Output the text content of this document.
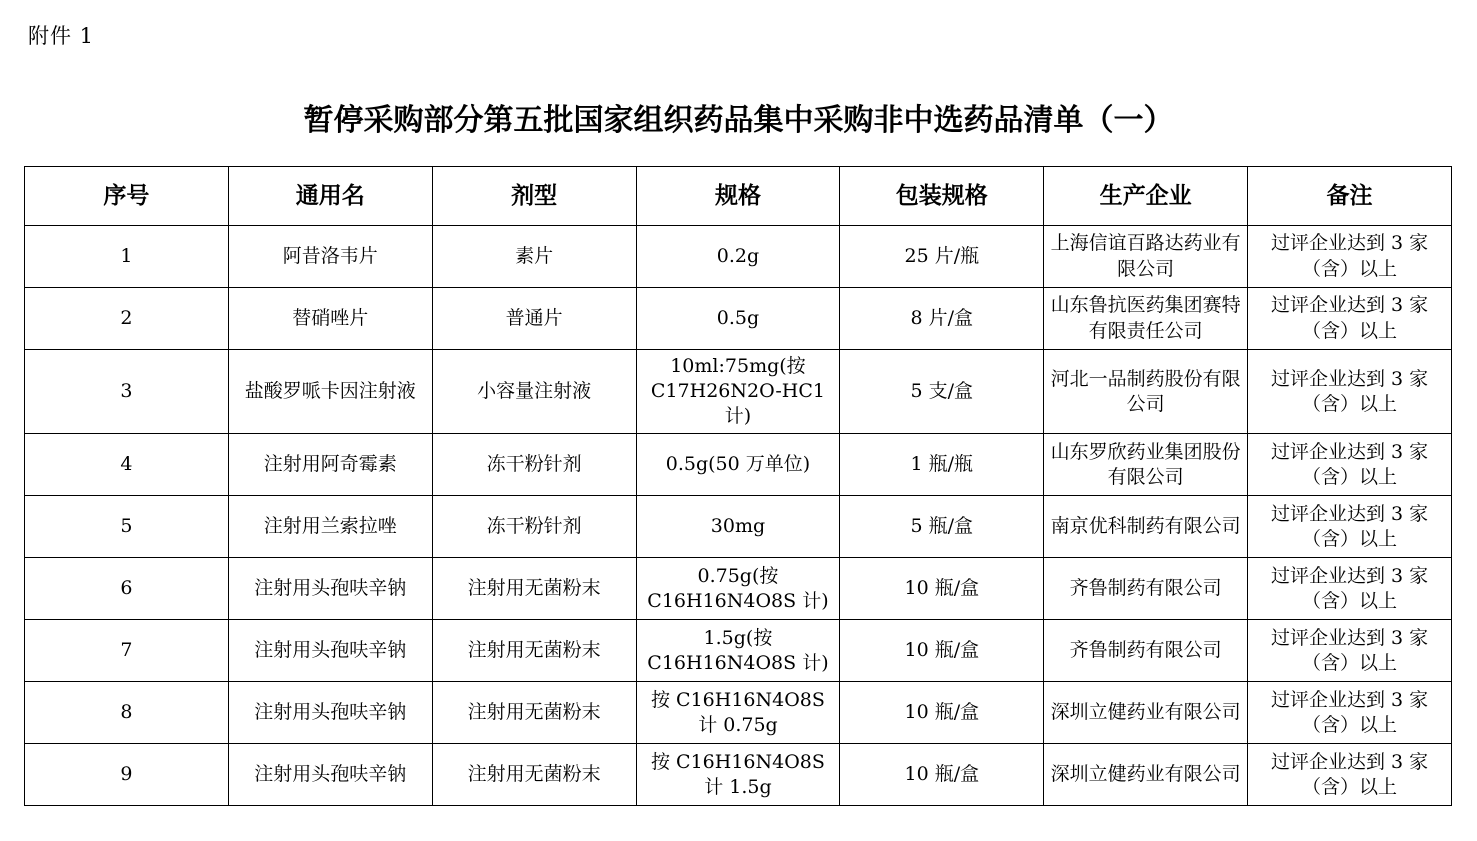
附件 1
暂停采购部分第五批国家组织药品集中采购非中选药品清单（一）
序号	通用名	剂型	规格	包装规格	生产企业	备注
1	阿昔洛韦片	素片	0.2g	25 片/瓶	上海信谊百路达药业有限公司	过评企业达到 3 家（含）以上
2	替硝唑片	普通片	0.5g	8 片/盒	山东鲁抗医药集团赛特有限责任公司	过评企业达到 3 家（含）以上
3	盐酸罗哌卡因注射液	小容量注射液	10ml:75mg(按 C17H26N2O-HC1 计)	5 支/盒	河北一品制药股份有限公司	过评企业达到 3 家（含）以上
4	注射用阿奇霉素	冻干粉针剂	0.5g(50 万单位)	1 瓶/瓶	山东罗欣药业集团股份有限公司	过评企业达到 3 家（含）以上
5	注射用兰索拉唑	冻干粉针剂	30mg	5 瓶/盒	南京优科制药有限公司	过评企业达到 3 家（含）以上
6	注射用头孢呋辛钠	注射用无菌粉末	0.75g(按 C16H16N4O8S 计)	10 瓶/盒	齐鲁制药有限公司	过评企业达到 3 家（含）以上
7	注射用头孢呋辛钠	注射用无菌粉末	1.5g(按 C16H16N4O8S 计)	10 瓶/盒	齐鲁制药有限公司	过评企业达到 3 家（含）以上
8	注射用头孢呋辛钠	注射用无菌粉末	按 C16H16N4O8S 计 0.75g	10 瓶/盒	深圳立健药业有限公司	过评企业达到 3 家（含）以上
9	注射用头孢呋辛钠	注射用无菌粉末	按 C16H16N4O8S 计 1.5g	10 瓶/盒	深圳立健药业有限公司	过评企业达到 3 家（含）以上
